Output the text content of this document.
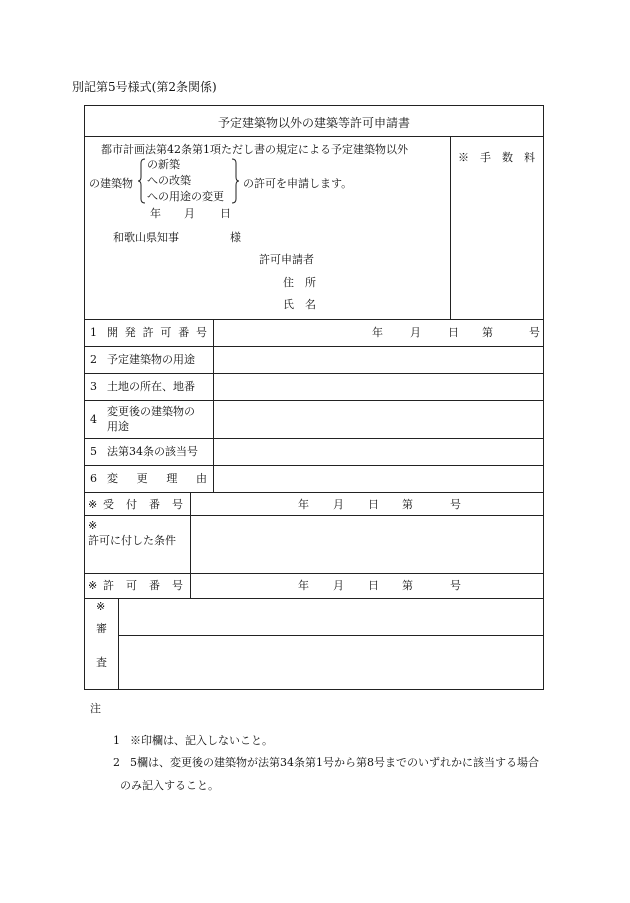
別記第5号様式(第2条関係)
予定建築物以外の建築等許可申請書
都市計画法第42条第1項ただし書の規定による予定建築物以外
の建築物
の新築
への改築
への用途の変更
の許可を申請します。
年 月 日
和歌山県知事	様
許可申請者
住　所
氏　名
※　手　数　料
1 開 発 許 可 番 号	年 月 日 第	号
2 予定建築物の用途
3 土地の所在、地番
4
変更後の建築物の
用途
5 法第34条の該当号
6 変 更 理 由
※ 受 付 番 号	年 月 日 第	号
※
許可に付した条件
※ 許 可 番 号	年 月 日 第	号
※
審
査
注
1 ※印欄は、記入しないこと。
2 5欄は、変更後の建築物が法第34条第1号から第8号までのいずれかに該当する場合
のみ記入すること。
